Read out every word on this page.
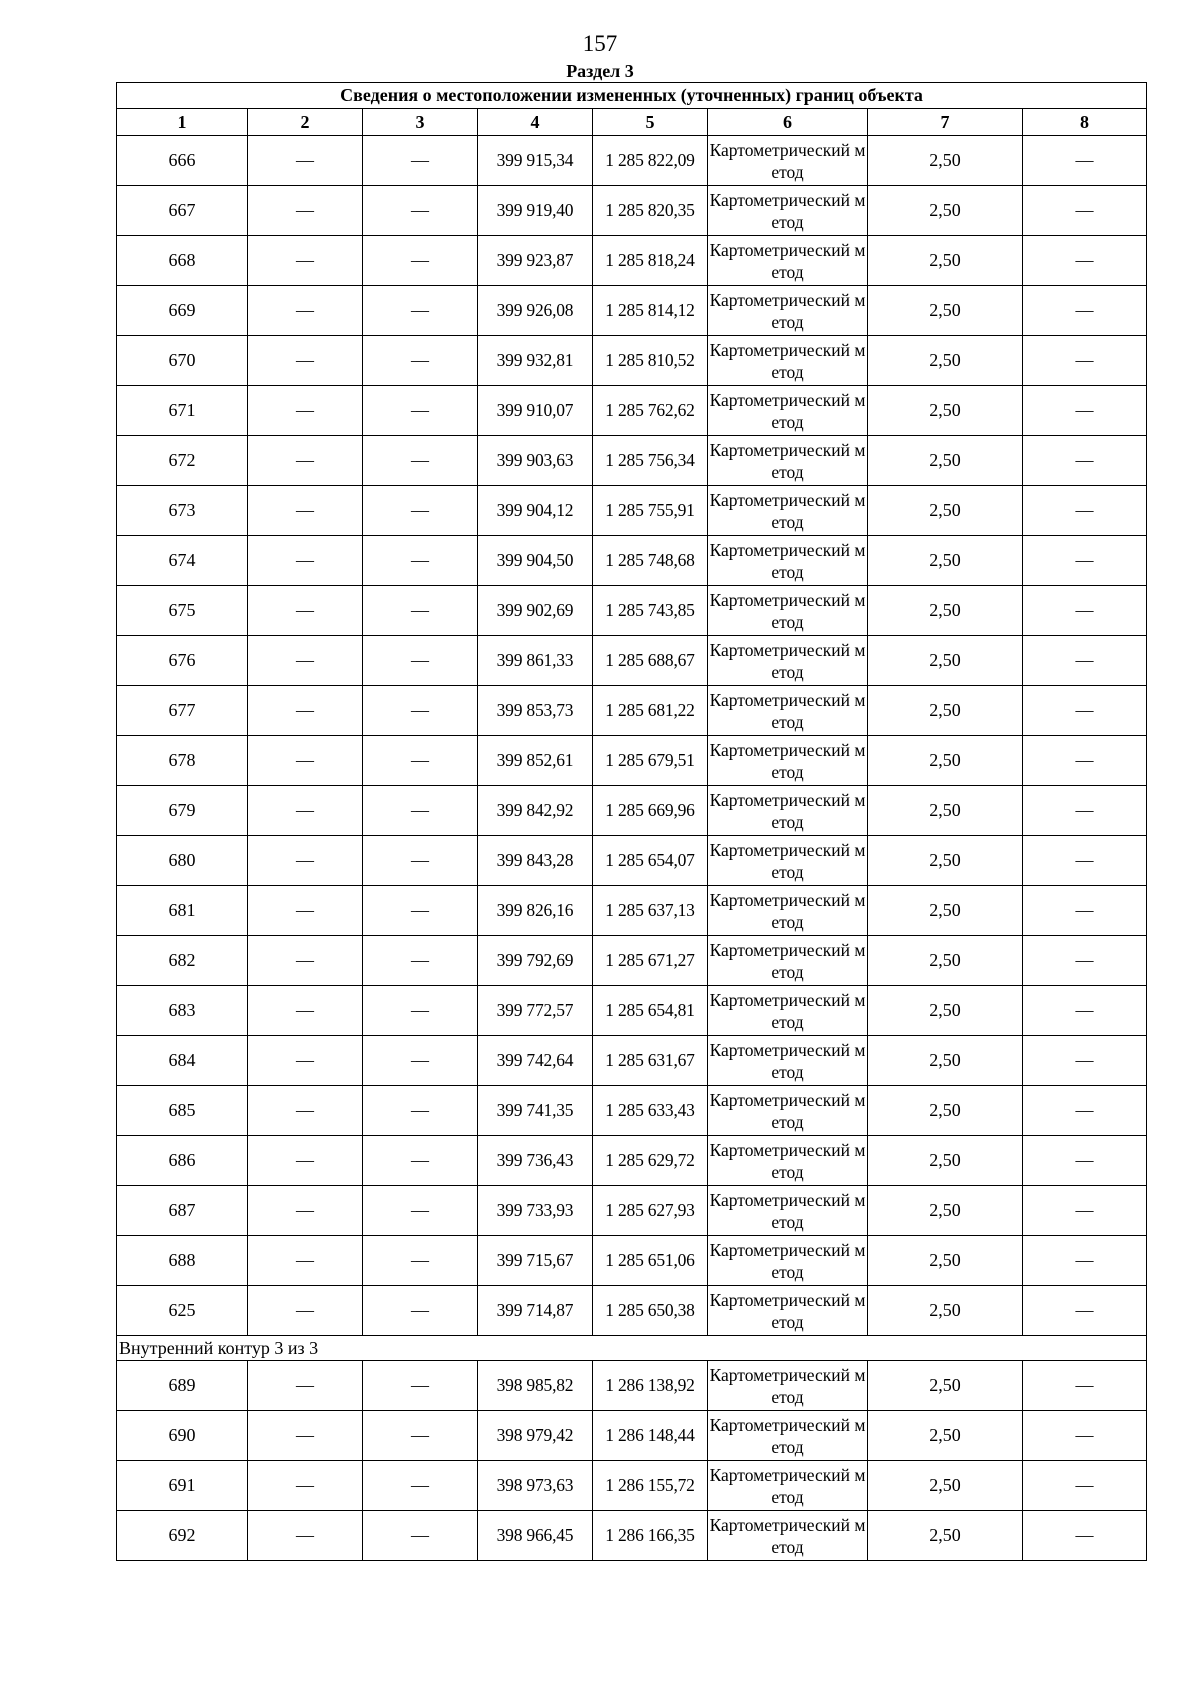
157
Раздел 3
Сведения о местоположении измененных (уточненных) границ объекта							
1	2	3	4	5	6	7	8
666	—	—	399 915,34	1 285 822,09	Картометрический метод	2,50	—
667	—	—	399 919,40	1 285 820,35	Картометрический метод	2,50	—
668	—	—	399 923,87	1 285 818,24	Картометрический метод	2,50	—
669	—	—	399 926,08	1 285 814,12	Картометрический метод	2,50	—
670	—	—	399 932,81	1 285 810,52	Картометрический метод	2,50	—
671	—	—	399 910,07	1 285 762,62	Картометрический метод	2,50	—
672	—	—	399 903,63	1 285 756,34	Картометрический метод	2,50	—
673	—	—	399 904,12	1 285 755,91	Картометрический метод	2,50	—
674	—	—	399 904,50	1 285 748,68	Картометрический метод	2,50	—
675	—	—	399 902,69	1 285 743,85	Картометрический метод	2,50	—
676	—	—	399 861,33	1 285 688,67	Картометрический метод	2,50	—
677	—	—	399 853,73	1 285 681,22	Картометрический метод	2,50	—
678	—	—	399 852,61	1 285 679,51	Картометрический метод	2,50	—
679	—	—	399 842,92	1 285 669,96	Картометрический метод	2,50	—
680	—	—	399 843,28	1 285 654,07	Картометрический метод	2,50	—
681	—	—	399 826,16	1 285 637,13	Картометрический метод	2,50	—
682	—	—	399 792,69	1 285 671,27	Картометрический метод	2,50	—
683	—	—	399 772,57	1 285 654,81	Картометрический метод	2,50	—
684	—	—	399 742,64	1 285 631,67	Картометрический метод	2,50	—
685	—	—	399 741,35	1 285 633,43	Картометрический метод	2,50	—
686	—	—	399 736,43	1 285 629,72	Картометрический метод	2,50	—
687	—	—	399 733,93	1 285 627,93	Картометрический метод	2,50	—
688	—	—	399 715,67	1 285 651,06	Картометрический метод	2,50	—
625	—	—	399 714,87	1 285 650,38	Картометрический метод	2,50	—
Внутренний контур 3 из 3							
689	—	—	398 985,82	1 286 138,92	Картометрический метод	2,50	—
690	—	—	398 979,42	1 286 148,44	Картометрический метод	2,50	—
691	—	—	398 973,63	1 286 155,72	Картометрический метод	2,50	—
692	—	—	398 966,45	1 286 166,35	Картометрический метод	2,50	—
